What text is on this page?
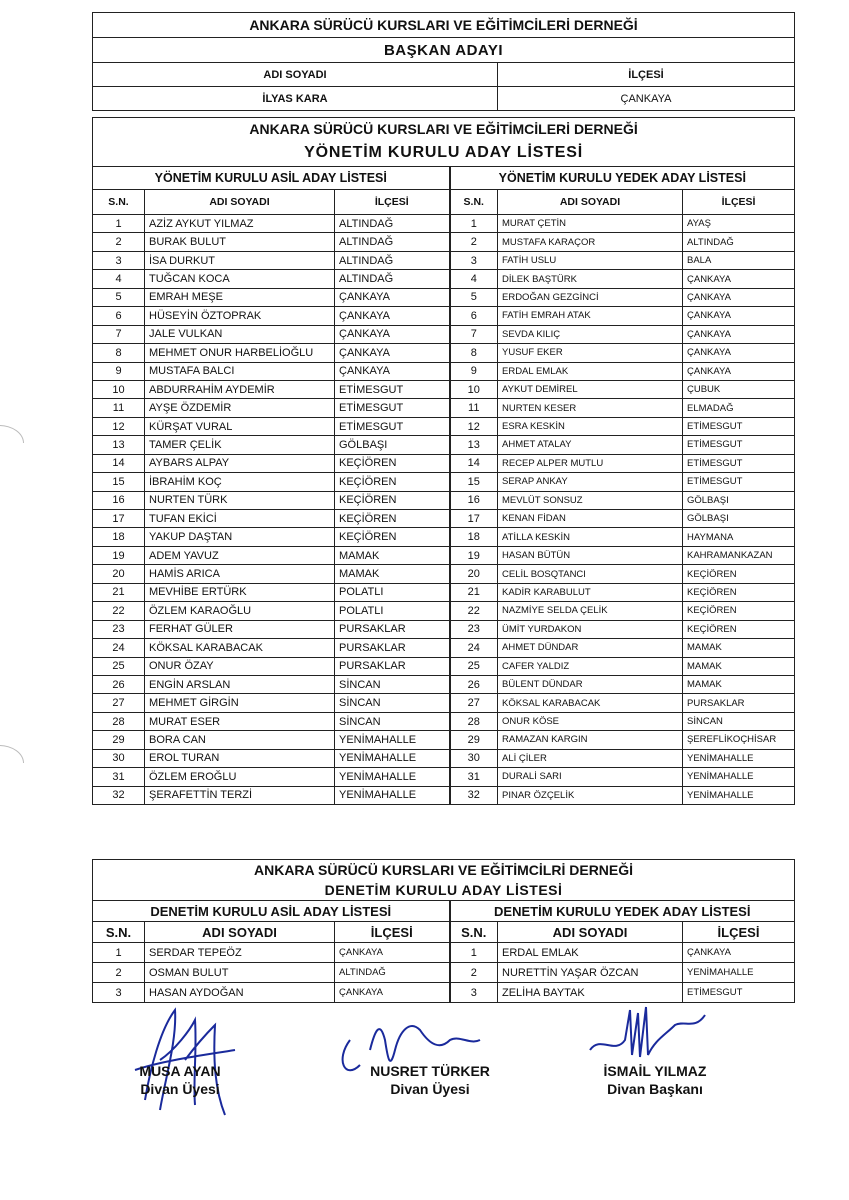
ANKARA SÜRÜCÜ KURSLARI VE EĞİTİMCİLERİ DERNEĞİ	
BAŞKAN ADAYI	
ADI SOYADI	İLÇESİ
İLYAS KARA	ÇANKAYA
ANKARA SÜRÜCÜ KURSLARI VE EĞİTİMCİLERİ DERNEĞİ					
YÖNETİM KURULU ADAY LİSTESİ					
YÖNETİM KURULU ASİL ADAY LİSTESİ			YÖNETİM KURULU YEDEK ADAY LİSTESİ		
S.N.	ADI SOYADI	İLÇESİ	S.N.	ADI SOYADI	İLÇESİ
1	AZİZ AYKUT YILMAZ	ALTINDAĞ	1	MURAT ÇETİN	AYAŞ
2	BURAK BULUT	ALTINDAĞ	2	MUSTAFA KARAÇOR	ALTINDAĞ
3	İSA DURKUT	ALTINDAĞ	3	FATİH USLU	BALA
4	TUĞCAN KOCA	ALTINDAĞ	4	DİLEK BAŞTÜRK	ÇANKAYA
5	EMRAH MEŞE	ÇANKAYA	5	ERDOĞAN GEZGİNCİ	ÇANKAYA
6	HÜSEYİN ÖZTOPRAK	ÇANKAYA	6	FATİH EMRAH ATAK	ÇANKAYA
7	JALE VULKAN	ÇANKAYA	7	SEVDA KILIÇ	ÇANKAYA
8	MEHMET ONUR HARBELİOĞLU	ÇANKAYA	8	YUSUF EKER	ÇANKAYA
9	MUSTAFA BALCI	ÇANKAYA	9	ERDAL EMLAK	ÇANKAYA
10	ABDURRAHİM AYDEMİR	ETİMESGUT	10	AYKUT DEMİREL	ÇUBUK
11	AYŞE ÖZDEMİR	ETİMESGUT	11	NURTEN KESER	ELMADAĞ
12	KÜRŞAT VURAL	ETİMESGUT	12	ESRA KESKİN	ETİMESGUT
13	TAMER ÇELİK	GÖLBAŞI	13	AHMET ATALAY	ETİMESGUT
14	AYBARS ALPAY	KEÇİÖREN	14	RECEP ALPER MUTLU	ETİMESGUT
15	İBRAHİM KOÇ	KEÇİÖREN	15	SERAP ANKAY	ETİMESGUT
16	NURTEN TÜRK	KEÇİÖREN	16	MEVLÜT SONSUZ	GÖLBAŞI
17	TUFAN EKİCİ	KEÇİÖREN	17	KENAN FİDAN	GÖLBAŞI
18	YAKUP DAŞTAN	KEÇİÖREN	18	ATİLLA KESKİN	HAYMANA
19	ADEM YAVUZ	MAMAK	19	HASAN BÜTÜN	KAHRAMANKAZAN
20	HAMİS ARICA	MAMAK	20	CELİL BOSQTANCI	KEÇİÖREN
21	MEVHİBE ERTÜRK	POLATLI	21	KADİR KARABULUT	KEÇİÖREN
22	ÖZLEM KARAOĞLU	POLATLI	22	NAZMİYE SELDA ÇELİK	KEÇİÖREN
23	FERHAT GÜLER	PURSAKLAR	23	ÜMİT YURDAKON	KEÇİÖREN
24	KÖKSAL KARABACAK	PURSAKLAR	24	AHMET DÜNDAR	MAMAK
25	ONUR ÖZAY	PURSAKLAR	25	CAFER YALDIZ	MAMAK
26	ENGİN ARSLAN	SİNCAN	26	BÜLENT DÜNDAR	MAMAK
27	MEHMET GİRGİN	SİNCAN	27	KÖKSAL KARABACAK	PURSAKLAR
28	MURAT ESER	SİNCAN	28	ONUR KÖSE	SİNCAN
29	BORA CAN	YENİMAHALLE	29	RAMAZAN KARGIN	ŞEREFLİKOÇHİSAR
30	EROL TURAN	YENİMAHALLE	30	ALİ ÇİLER	YENİMAHALLE
31	ÖZLEM EROĞLU	YENİMAHALLE	31	DURALİ SARI	YENİMAHALLE
32	ŞERAFETTİN TERZİ	YENİMAHALLE	32	PINAR ÖZÇELİK	YENİMAHALLE
ANKARA SÜRÜCÜ KURSLARI VE EĞİTİMCİLRİ DERNEĞİ					
DENETİM KURULU ADAY LİSTESİ					
DENETİM KURULU ASİL ADAY LİSTESİ			DENETİM KURULU YEDEK ADAY LİSTESİ		
S.N.	ADI SOYADI	İLÇESİ	S.N.	ADI SOYADI	İLÇESİ
1	SERDAR TEPEÖZ	ÇANKAYA	1	ERDAL EMLAK	ÇANKAYA
2	OSMAN BULUT	ALTINDAĞ	2	NURETTİN YAŞAR ÖZCAN	YENİMAHALLE
3	HASAN AYDOĞAN	ÇANKAYA	3	ZELİHA BAYTAK	ETİMESGUT
MUSA AYAN
Divan Üyesi
NUSRET TÜRKER
Divan Üyesi
İSMAİL YILMAZ
Divan Başkanı
